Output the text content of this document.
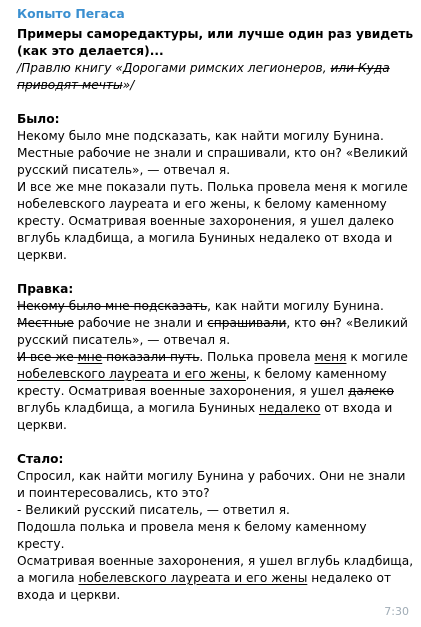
Копыто Пегаса

Примеры саморедактуры, или лучше один раз увидеть (как это делается)...

/Правлю книгу «Дорогами римских легионеров, или Куда приводят мечты»/

Было:

Некому было мне подсказать, как найти могилу Бунина. Местные рабочие не знали и спрашивали, кто он? «Великий русский писатель», — отвечал я.

И все же мне показали путь. Полька провела меня к могиле нобелевского лауреата и его жены, к белому каменному кресту. Осматривая военные захоронения, я ушел далеко вглубь кладбища, а могила Буниных недалеко от входа и церкви.

Правка:

Некому было мне подсказать, как найти могилу Бунина. Местные рабочие не знали и спрашивали, кто он? «Великий русский писатель», — отвечал я.

И все же мне показали путь. Полька провела меня к могиле нобелевского лауреата и его жены, к белому каменному кресту. Осматривая военные захоронения, я ушел далеко вглубь кладбища, а могила Буниных недалеко от входа и церкви.

Стало:

Спросил, как найти могилу Бунина у рабочих. Они не знали и поинтересовались, кто это?

- Великий русский писатель, — ответил я.

Подошла полька и провела меня к белому каменному кресту.

Осматривая военные захоронения, я ушел вглубь кладбища, а могила нобелевского лауреата и его жены недалеко от входа и церкви.

7:30
